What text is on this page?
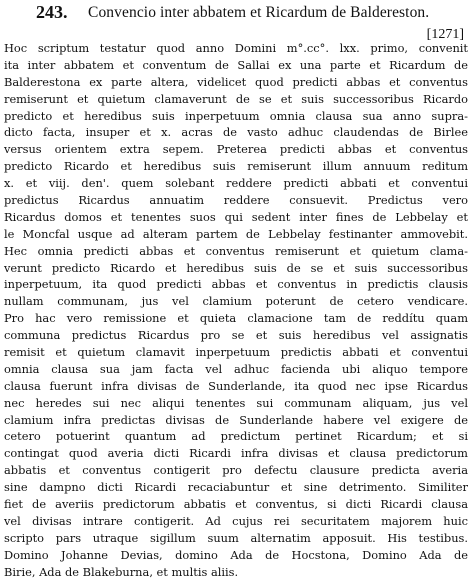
243. Convencio inter abbatem et Ricardum de Baldereston.
[1271]
Hoc scriptum testatur quod anno Domini m°.cc°. lxx. primo, convenit
ita inter abbatem et conventum de Sallai ex una parte et Ricardum de
Balderestona ex parte altera, videlicet quod predicti abbas et conventus
remiserunt et quietum clamaverunt de se et suis successoribus Ricardo
predicto et heredibus suis inperpetuum omnia clausa sua anno supra-
dicto facta, insuper et x. acras de vasto adhuc claudendas de Birlee
versus orientem extra sepem. Preterea predicti abbas et conventus
predicto Ricardo et heredibus suis remiserunt illum annuum reditum
x. et viij. den'. quem solebant reddere predicti abbati et conventui
predictus Ricardus annuatim reddere consuevit. Predictus vero
Ricardus domos et tenentes suos qui sedent inter fines de Lebbelay et
le Moncfal usque ad alteram partem de Lebbelay festinanter ammovebit.
Hec omnia predicti abbas et conventus remiserunt et quietum clama-
verunt predicto Ricardo et heredibus suis de se et suis successoribus
inperpetuum, ita quod predicti abbas et conventus in predictis clausis
nullam communam, jus vel clamium poterunt de cetero vendicare.
Pro hac vero remissione et quieta clamacione tam de reddítu quam
communa predictus Ricardus pro se et suis heredibus vel assignatis
remisit et quietum clamavit inperpetuum predictis abbati et conventui
omnia clausa sua jam facta vel adhuc facienda ubi aliquo tempore
clausa fuerunt infra divisas de Sunderlande, ita quod nec ipse Ricardus
nec heredes sui nec aliqui tenentes sui communam aliquam, jus vel
clamium infra predictas divisas de Sunderlande habere vel exigere de
cetero potuerint quantum ad predictum pertinet Ricardum; et si
contingat quod averia dicti Ricardi infra divisas et clausa predictorum
abbatis et conventus contigerit pro defectu clausure predicta averia
sine dampno dicti Ricardi recaciabuntur et sine detrimento. Similiter
fiet de averiis predictorum abbatis et conventus, si dicti Ricardi clausa
vel divisas intrare contigerit. Ad cujus rei securitatem majorem huic
scripto pars utraque sigillum suum alternatim apposuit. His testibus.
Domino Johanne Devias, domino Ada de Hocstona, Domino Ada de
Birie, Ada de Blakeburna, et multis aliis.
